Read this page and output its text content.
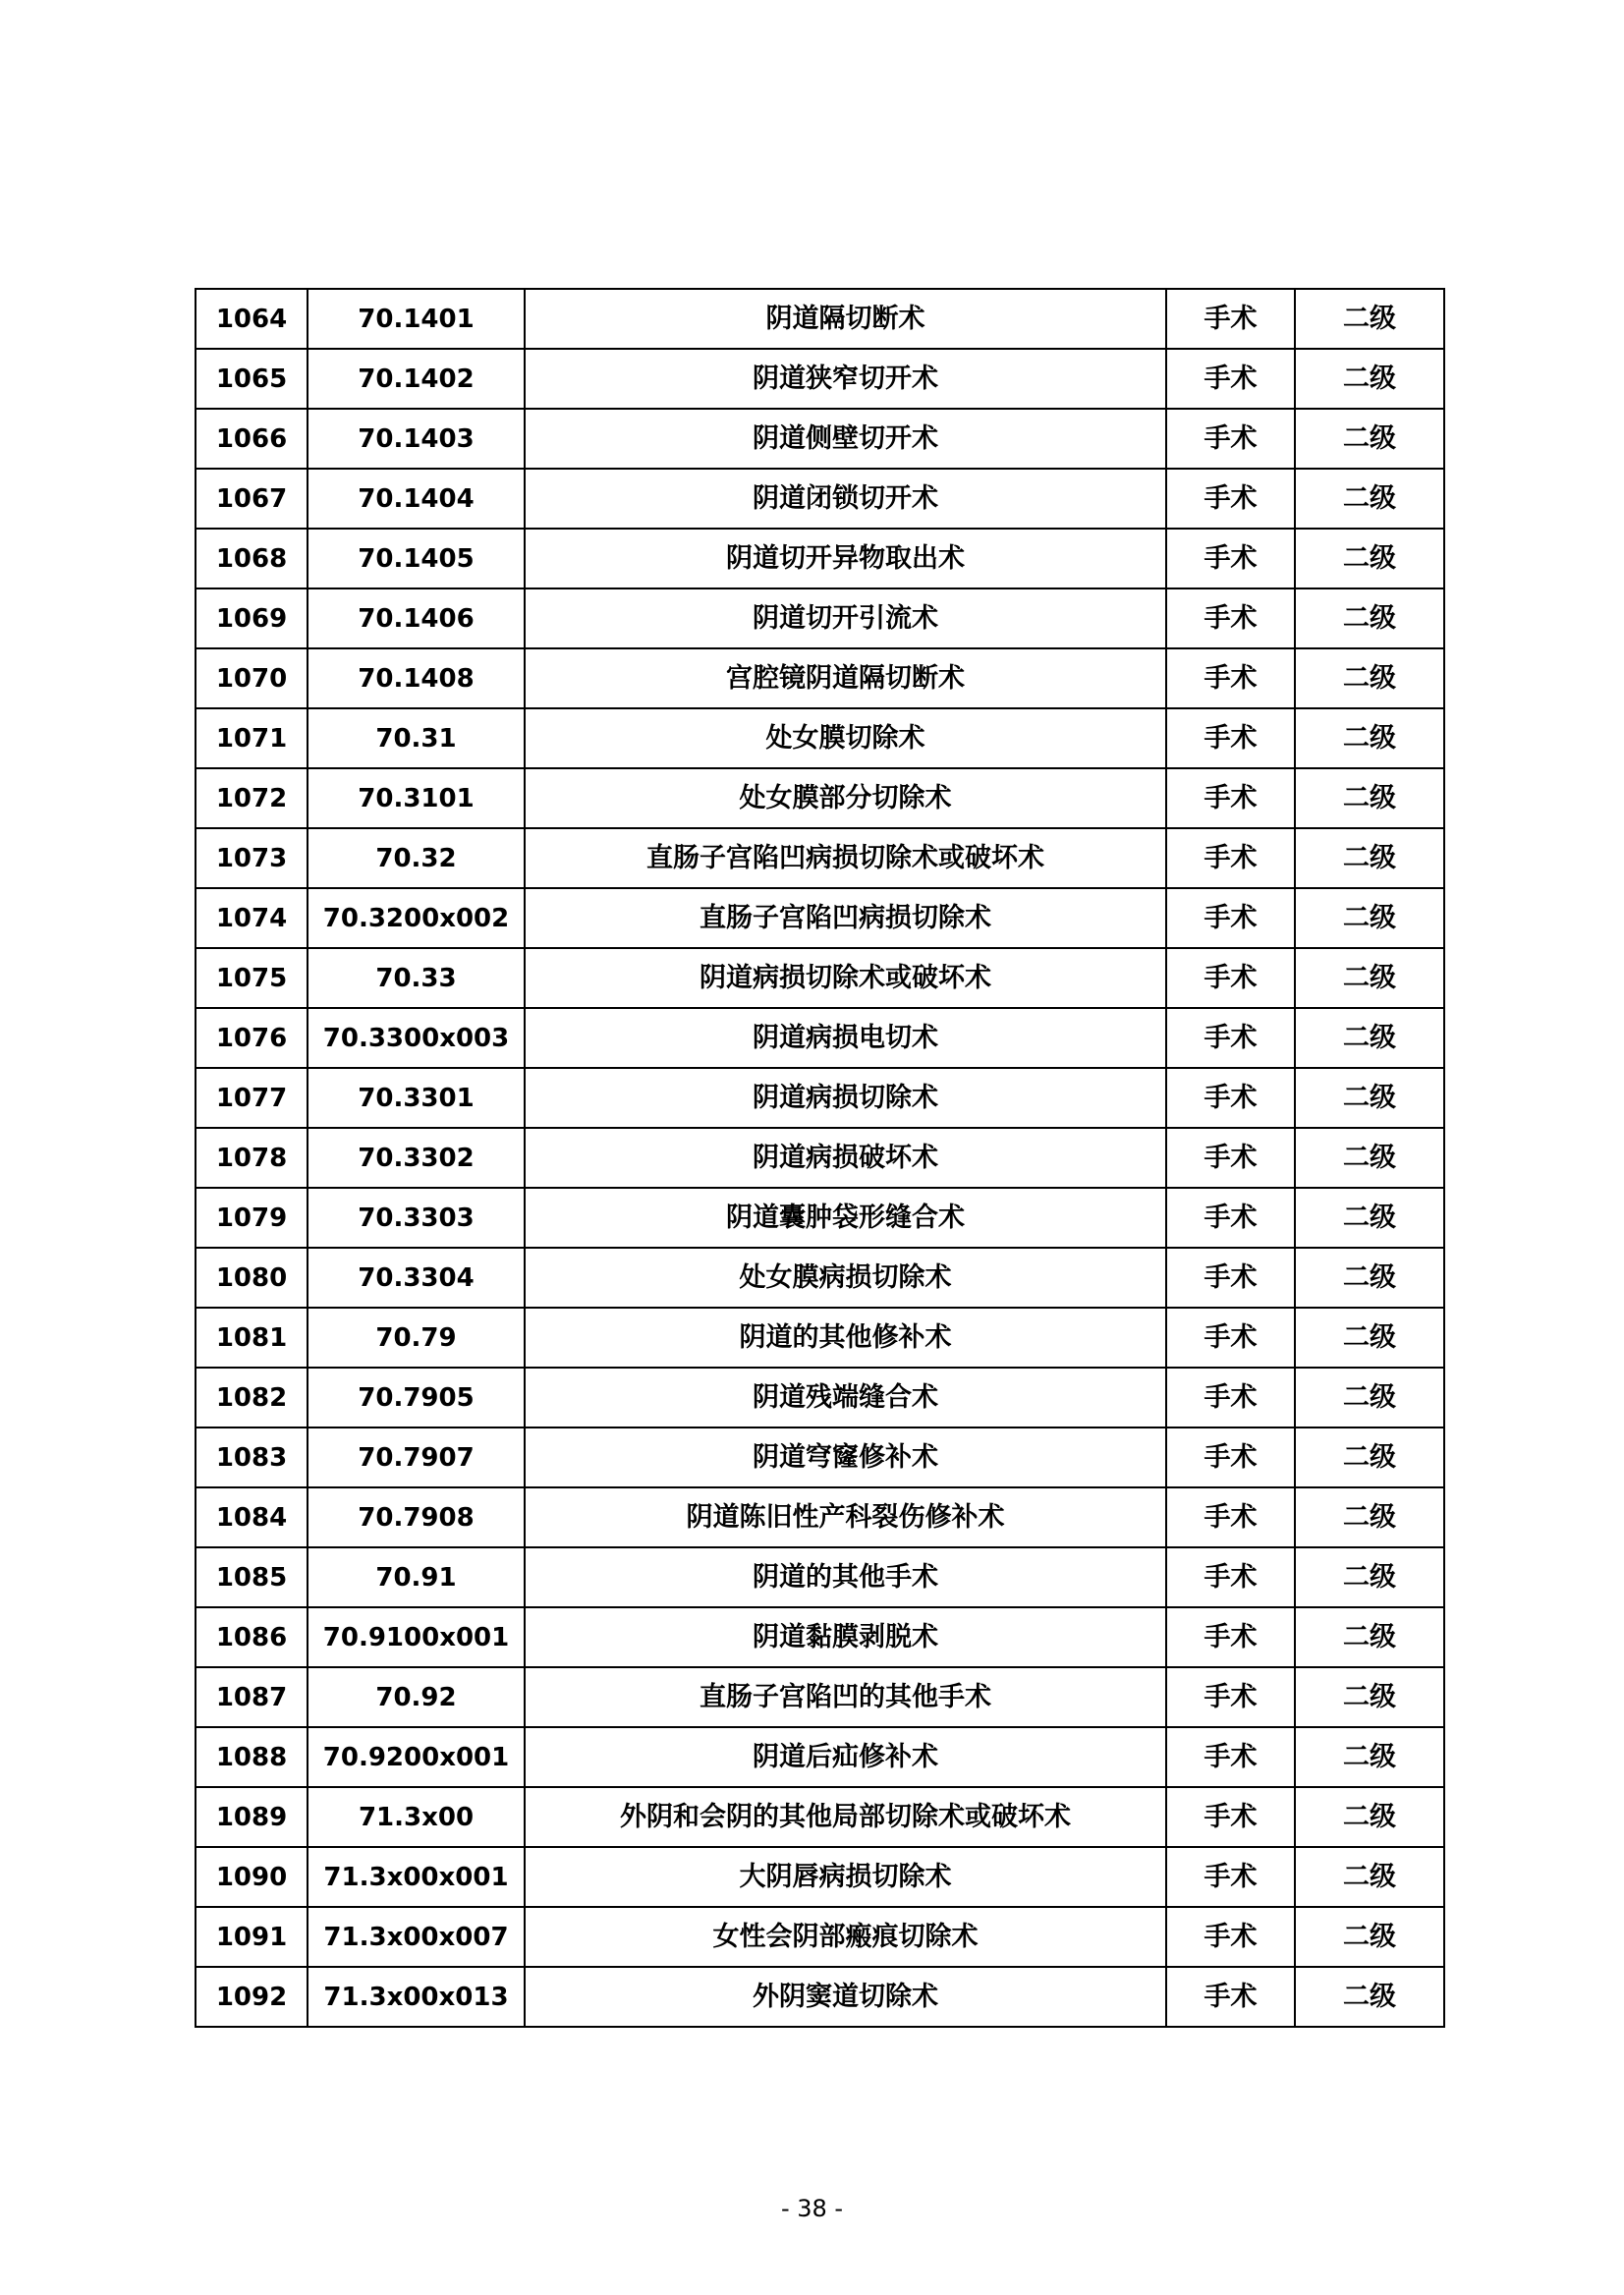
1064	70.1401	阴道隔切断术	手术	二级
1065	70.1402	阴道狭窄切开术	手术	二级
1066	70.1403	阴道侧壁切开术	手术	二级
1067	70.1404	阴道闭锁切开术	手术	二级
1068	70.1405	阴道切开异物取出术	手术	二级
1069	70.1406	阴道切开引流术	手术	二级
1070	70.1408	宫腔镜阴道隔切断术	手术	二级
1071	70.31	处女膜切除术	手术	二级
1072	70.3101	处女膜部分切除术	手术	二级
1073	70.32	直肠子宫陷凹病损切除术或破坏术	手术	二级
1074	70.3200x002	直肠子宫陷凹病损切除术	手术	二级
1075	70.33	阴道病损切除术或破坏术	手术	二级
1076	70.3300x003	阴道病损电切术	手术	二级
1077	70.3301	阴道病损切除术	手术	二级
1078	70.3302	阴道病损破坏术	手术	二级
1079	70.3303	阴道囊肿袋形缝合术	手术	二级
1080	70.3304	处女膜病损切除术	手术	二级
1081	70.79	阴道的其他修补术	手术	二级
1082	70.7905	阴道残端缝合术	手术	二级
1083	70.7907	阴道穹窿修补术	手术	二级
1084	70.7908	阴道陈旧性产科裂伤修补术	手术	二级
1085	70.91	阴道的其他手术	手术	二级
1086	70.9100x001	阴道黏膜剥脱术	手术	二级
1087	70.92	直肠子宫陷凹的其他手术	手术	二级
1088	70.9200x001	阴道后疝修补术	手术	二级
1089	71.3x00	外阴和会阴的其他局部切除术或破坏术	手术	二级
1090	71.3x00x001	大阴唇病损切除术	手术	二级
1091	71.3x00x007	女性会阴部瘢痕切除术	手术	二级
1092	71.3x00x013	外阴窦道切除术	手术	二级
- 38 -
